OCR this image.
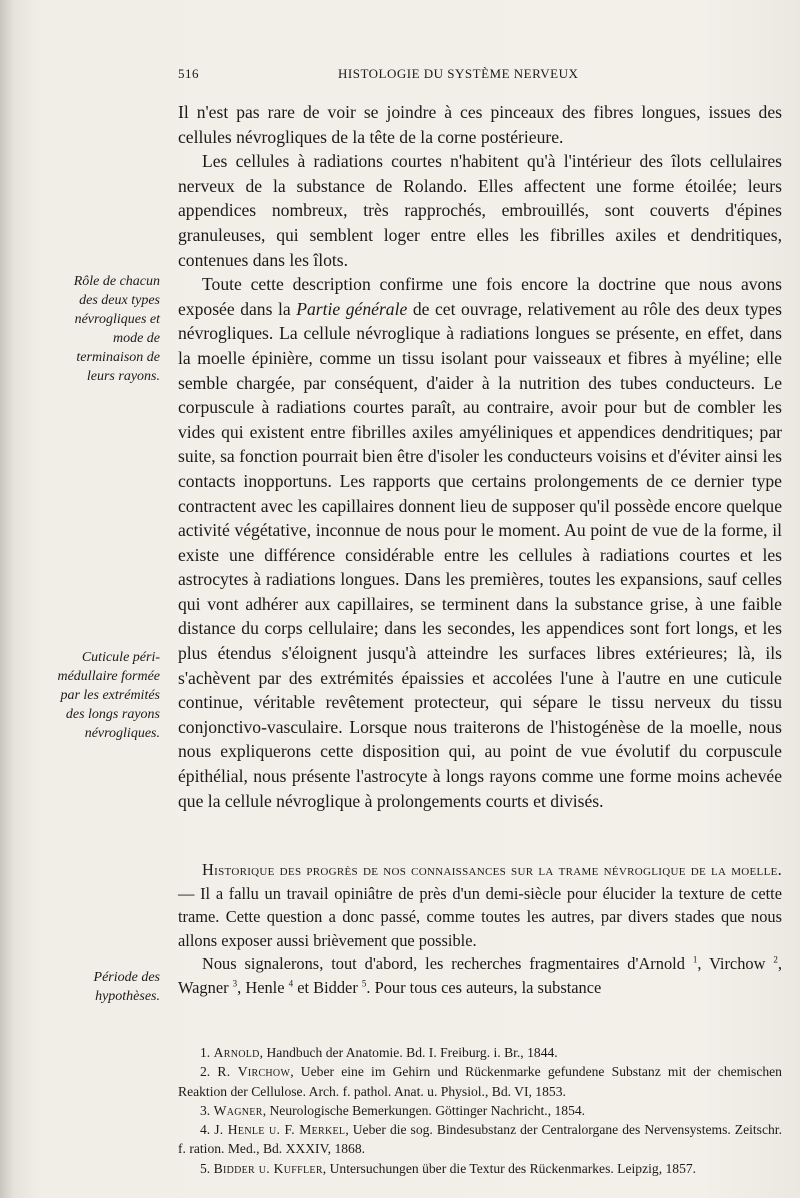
516	HISTOLOGIE DU SYSTÈME NERVEUX
Rôle de chacun des deux types névrogliques et mode de terminaison de leurs rayons.
Cuticule péri-médullaire formée par les extrémités des longs rayons névrogliques.
Période des hypothèses.

Il n'est pas rare de voir se joindre à ces pinceaux des fibres longues, issues des cellules névrogliques de la tête de la corne postérieure.

Les cellules à radiations courtes n'habitent qu'à l'intérieur des îlots cellulaires nerveux de la substance de Rolando. Elles affectent une forme étoilée; leurs appendices nombreux, très rapprochés, embrouillés, sont couverts d'épines granuleuses, qui semblent loger entre elles les fibrilles axiles et dendritiques, contenues dans les îlots.

Toute cette description confirme une fois encore la doctrine que nous avons exposée dans la Partie générale de cet ouvrage, relativement au rôle des deux types névrogliques. La cellule névroglique à radiations longues se présente, en effet, dans la moelle épinière, comme un tissu isolant pour vaisseaux et fibres à myéline; elle semble chargée, par conséquent, d'aider à la nutrition des tubes conducteurs. Le corpuscule à radiations courtes paraît, au contraire, avoir pour but de combler les vides qui existent entre fibrilles axiles amyéliniques et appendices dendritiques; par suite, sa fonction pourrait bien être d'isoler les conducteurs voisins et d'éviter ainsi les contacts inopportuns. Les rapports que certains prolongements de ce dernier type contractent avec les capillaires donnent lieu de supposer qu'il possède encore quelque activité végétative, inconnue de nous pour le moment. Au point de vue de la forme, il existe une différence considérable entre les cellules à radiations courtes et les astrocytes à radiations longues. Dans les premières, toutes les expansions, sauf celles qui vont adhérer aux capillaires, se terminent dans la substance grise, à une faible distance du corps cellulaire; dans les secondes, les appendices sont fort longs, et les plus étendus s'éloignent jusqu'à atteindre les surfaces libres extérieures; là, ils s'achèvent par des extrémités épaissies et accolées l'une à l'autre en une cuticule continue, véritable revêtement protecteur, qui sépare le tissu nerveux du tissu conjonctivo-vasculaire. Lorsque nous traiterons de l'histogénèse de la moelle, nous nous expliquerons cette disposition qui, au point de vue évolutif du corpuscule épithélial, nous présente l'astrocyte à longs rayons comme une forme moins achevée que la cellule névroglique à prolongements courts et divisés.

Historique des progrès de nos connaissances sur la trame névroglique de la moelle. — Il a fallu un travail opiniâtre de près d'un demi-siècle pour élucider la texture de cette trame. Cette question a donc passé, comme toutes les autres, par divers stades que nous allons exposer aussi brièvement que possible.

Nous signalerons, tout d'abord, les recherches fragmentaires d'Arnold $^1$, Virchow $^2$, Wagner $^3$, Henle $^4$ et Bidder $^5$. Pour tous ces auteurs, la substance

1. Arnold, Handbuch der Anatomie. Bd. I. Freiburg. i. Br., 1844.

2. R. Virchow, Ueber eine im Gehirn und Rückenmarke gefundene Substanz mit der chemischen Reaktion der Cellulose. Arch. f. pathol. Anat. u. Physiol., Bd. VI, 1853.

3. Wagner, Neurologische Bemerkungen. Göttinger Nachricht., 1854.

4. J. Henle u. F. Merkel, Ueber die sog. Bindesubstanz der Centralorgane des Nervensystems. Zeitschr. f. ration. Med., Bd. XXXIV, 1868.

5. Bidder u. Kuffler, Untersuchungen über die Textur des Rückenmarkes. Leipzig, 1857.
